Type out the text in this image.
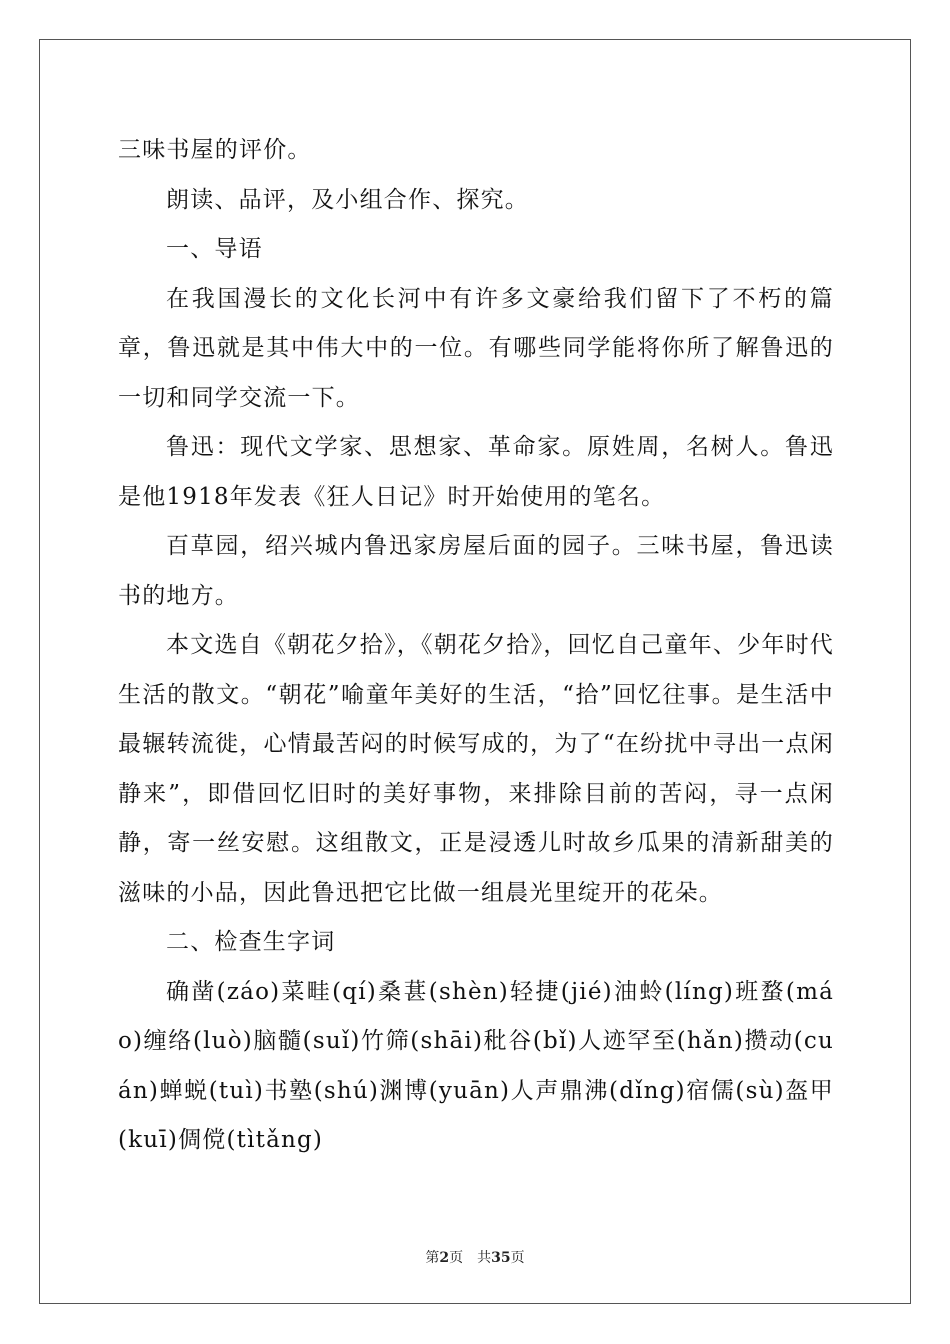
三味书屋的评价。

朗读、品评，及小组合作、探究。

一、导语

在我国漫长的文化长河中有许多文豪给我们留下了不朽的篇章，鲁迅就是其中伟大中的一位。有哪些同学能将你所了解鲁迅的一切和同学交流一下。

鲁迅：现代文学家、思想家、革命家。原姓周，名树人。鲁迅是他1918年发表《狂人日记》时开始使用的笔名。

百草园，绍兴城内鲁迅家房屋后面的园子。三味书屋，鲁迅读书的地方。

本文选自《朝花夕拾》，《朝花夕拾》，回忆自己童年、少年时代生活的散文。“朝花”喻童年美好的生活，“拾”回忆往事。是生活中最辗转流徙，心情最苦闷的时候写成的，为了“在纷扰中寻出一点闲静来”，即借回忆旧时的美好事物，来排除目前的苦闷，寻一点闲静，寄一丝安慰。这组散文，正是浸透儿时故乡瓜果的清新甜美的滋味的小品，因此鲁迅把它比做一组晨光里绽开的花朵。

二、检查生字词

确凿(záo)菜畦(qí)桑葚(shèn)轻捷(jié)油蛉(líng)班蝥(máo)缠络(luò)脑髓(suǐ)竹筛(shāi)秕谷(bǐ)人迹罕至(hǎn)攒动(cuán)蝉蜕(tuì)书塾(shú)渊博(yuān)人声鼎沸(dǐng)宿儒(sù)盔甲(kuī)倜傥(tìtǎng)

第2页 共35页
